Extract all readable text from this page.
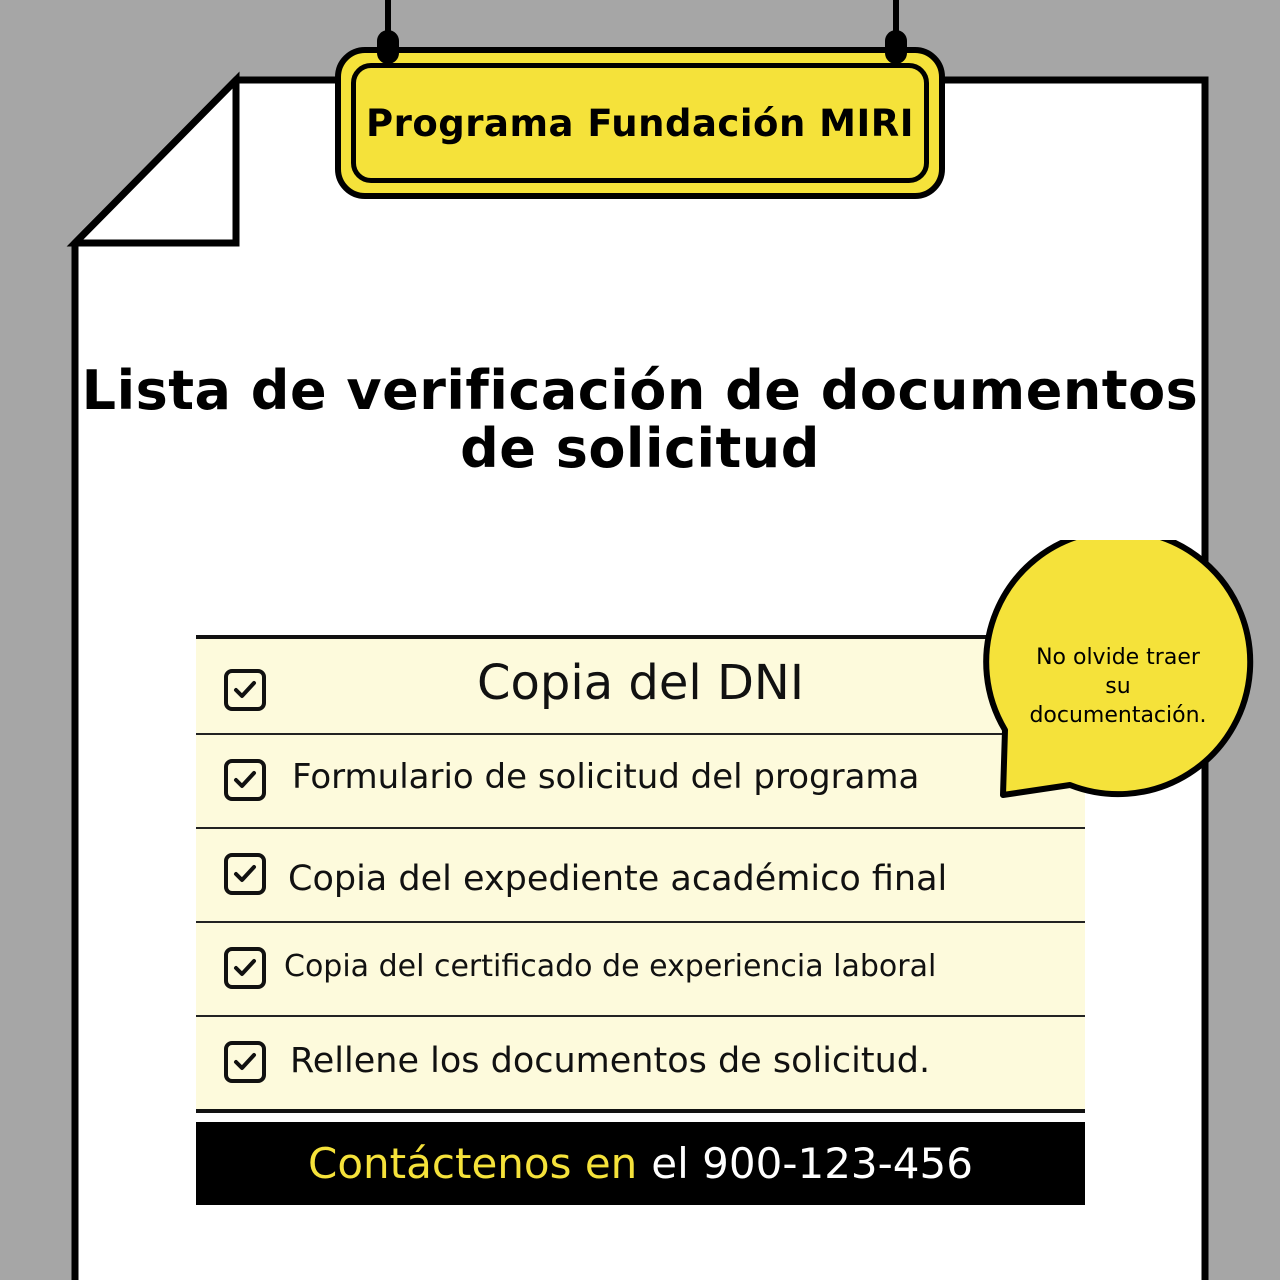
Programa Fundación MIRI
Lista de verificación de documentos
de solicitud
Copia del DNI
Formulario de solicitud del programa
Copia del expediente académico final
Copia del certificado de experiencia laboral
Rellene los documentos de solicitud.
Contáctenos en el 900-123-456
No olvide traer
su
documentación.
